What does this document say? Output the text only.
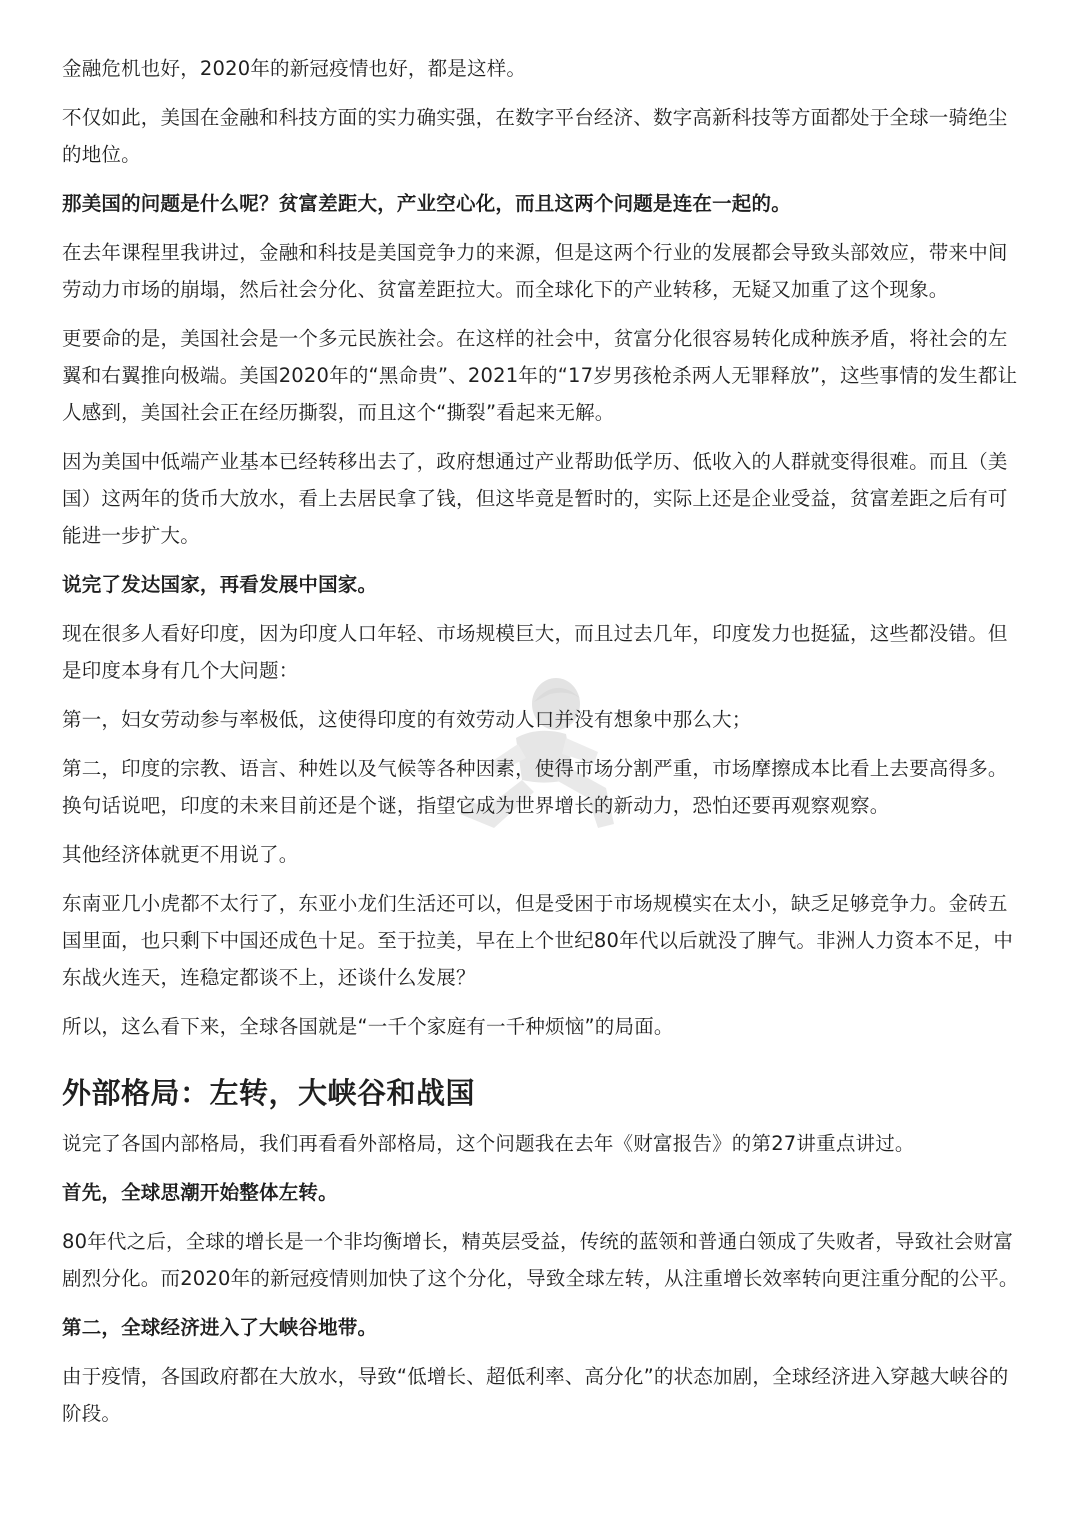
金融危机也好，2020年的新冠疫情也好，都是这样。

不仅如此，美国在金融和科技方面的实力确实强，在数字平台经济、数字高新科技等方面都处于全球一骑绝尘的地位。

那美国的问题是什么呢？贫富差距大，产业空心化，而且这两个问题是连在一起的。

在去年课程里我讲过，金融和科技是美国竞争力的来源，但是这两个行业的发展都会导致头部效应，带来中间劳动力市场的崩塌，然后社会分化、贫富差距拉大。而全球化下的产业转移，无疑又加重了这个现象。

更要命的是，美国社会是一个多元民族社会。在这样的社会中，贫富分化很容易转化成种族矛盾，将社会的左翼和右翼推向极端。美国2020年的“黑命贵”、2021年的“17岁男孩枪杀两人无罪释放”，这些事情的发生都让人感到，美国社会正在经历撕裂，而且这个“撕裂”看起来无解。

因为美国中低端产业基本已经转移出去了，政府想通过产业帮助低学历、低收入的人群就变得很难。而且（美国）这两年的货币大放水，看上去居民拿了钱，但这毕竟是暂时的，实际上还是企业受益，贫富差距之后有可能进一步扩大。

说完了发达国家，再看发展中国家。

现在很多人看好印度，因为印度人口年轻、市场规模巨大，而且过去几年，印度发力也挺猛，这些都没错。但是印度本身有几个大问题：

第一，妇女劳动参与率极低，这使得印度的有效劳动人口并没有想象中那么大；

第二，印度的宗教、语言、种姓以及气候等各种因素，使得市场分割严重，市场摩擦成本比看上去要高得多。换句话说吧，印度的未来目前还是个谜，指望它成为世界增长的新动力，恐怕还要再观察观察。

其他经济体就更不用说了。

东南亚几小虎都不太行了，东亚小龙们生活还可以，但是受困于市场规模实在太小，缺乏足够竞争力。金砖五国里面，也只剩下中国还成色十足。至于拉美，早在上个世纪80年代以后就没了脾气。非洲人力资本不足，中东战火连天，连稳定都谈不上，还谈什么发展？

所以，这么看下来，全球各国就是“一千个家庭有一千种烦恼”的局面。

外部格局：左转，大峡谷和战国

说完了各国内部格局，我们再看看外部格局，这个问题我在去年《财富报告》的第27讲重点讲过。

首先，全球思潮开始整体左转。

80年代之后，全球的增长是一个非均衡增长，精英层受益，传统的蓝领和普通白领成了失败者，导致社会财富剧烈分化。而2020年的新冠疫情则加快了这个分化，导致全球左转，从注重增长效率转向更注重分配的公平。

第二，全球经济进入了大峡谷地带。

由于疫情，各国政府都在大放水，导致“低增长、超低利率、高分化”的状态加剧，全球经济进入穿越大峡谷的阶段。
